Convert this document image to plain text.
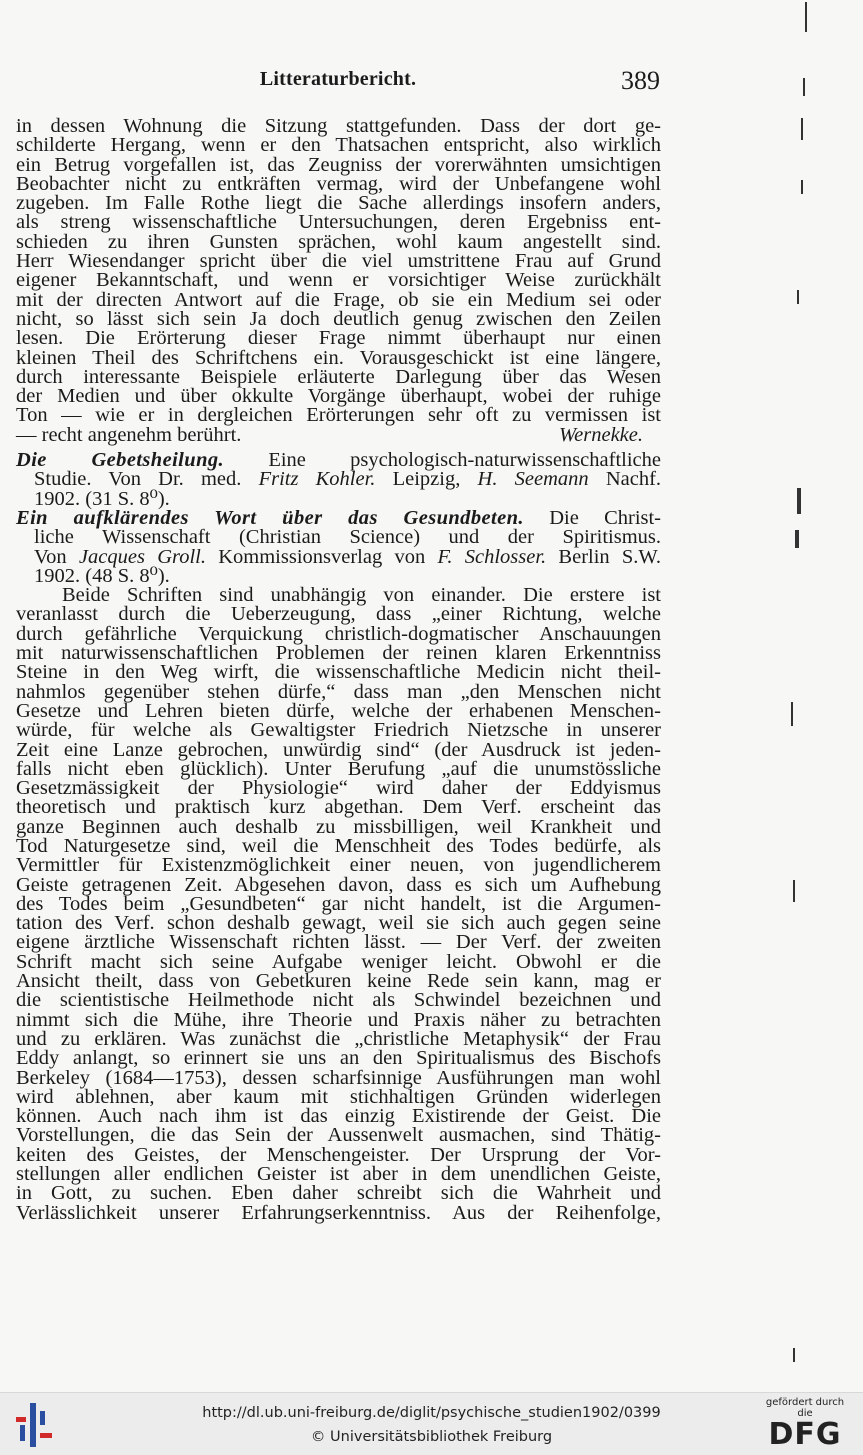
Litteraturbericht.	389
in dessen Wohnung die Sitzung stattgefunden. Dass der dort ge-
schilderte Hergang, wenn er den Thatsachen entspricht, also wirklich
ein Betrug vorgefallen ist, das Zeugniss der vorerwähnten umsichtigen
Beobachter nicht zu entkräften vermag, wird der Unbefangene wohl
zugeben. Im Falle Rothe liegt die Sache allerdings insofern anders,
als streng wissenschaftliche Untersuchungen, deren Ergebniss ent-
schieden zu ihren Gunsten sprächen, wohl kaum angestellt sind.
Herr Wiesendanger spricht über die viel umstrittene Frau auf Grund
eigener Bekanntschaft, und wenn er vorsichtiger Weise zurückhält
mit der directen Antwort auf die Frage, ob sie ein Medium sei oder
nicht, so lässt sich sein Ja doch deutlich genug zwischen den Zeilen
lesen. Die Erörterung dieser Frage nimmt überhaupt nur einen
kleinen Theil des Schriftchens ein. Vorausgeschickt ist eine längere,
durch interessante Beispiele erläuterte Darlegung über das Wesen
der Medien und über okkulte Vorgänge überhaupt, wobei der ruhige
Ton — wie er in dergleichen Erörterungen sehr oft zu vermissen ist
— recht angenehm berührt.	Wernekke.
Die Gebetsheilung. Eine psychologisch-naturwissenschaftliche
Studie. Von Dr. med. Fritz Kohler. Leipzig, H. Seemann Nachf.
1902. (31 S. 8⁰).
Ein aufklärendes Wort über das Gesundbeten. Die Christ-
liche Wissenschaft (Christian Science) und der Spiritismus.
Von Jacques Groll. Kommissionsverlag von F. Schlosser. Berlin S.W.
1902. (48 S. 8⁰).
Beide Schriften sind unabhängig von einander. Die erstere ist
veranlasst durch die Ueberzeugung, dass „einer Richtung, welche
durch gefährliche Verquickung christlich-dogmatischer Anschauungen
mit naturwissenschaftlichen Problemen der reinen klaren Erkenntniss
Steine in den Weg wirft, die wissenschaftliche Medicin nicht theil-
nahmlos gegenüber stehen dürfe,“ dass man „den Menschen nicht
Gesetze und Lehren bieten dürfe, welche der erhabenen Menschen-
würde, für welche als Gewaltigster Friedrich Nietzsche in unserer
Zeit eine Lanze gebrochen, unwürdig sind“ (der Ausdruck ist jeden-
falls nicht eben glücklich). Unter Berufung „auf die unumstössliche
Gesetzmässigkeit der Physiologie“ wird daher der Eddyismus
theoretisch und praktisch kurz abgethan. Dem Verf. erscheint das
ganze Beginnen auch deshalb zu missbilligen, weil Krankheit und
Tod Naturgesetze sind, weil die Menschheit des Todes bedürfe, als
Vermittler für Existenzmöglichkeit einer neuen, von jugendlicherem
Geiste getragenen Zeit. Abgesehen davon, dass es sich um Aufhebung
des Todes beim „Gesundbeten“ gar nicht handelt, ist die Argumen-
tation des Verf. schon deshalb gewagt, weil sie sich auch gegen seine
eigene ärztliche Wissenschaft richten lässt. — Der Verf. der zweiten
Schrift macht sich seine Aufgabe weniger leicht. Obwohl er die
Ansicht theilt, dass von Gebetkuren keine Rede sein kann, mag er
die scientistische Heilmethode nicht als Schwindel bezeichnen und
nimmt sich die Mühe, ihre Theorie und Praxis näher zu betrachten
und zu erklären. Was zunächst die „christliche Metaphysik“ der Frau
Eddy anlangt, so erinnert sie uns an den Spiritualismus des Bischofs
Berkeley (1684—1753), dessen scharfsinnige Ausführungen man wohl
wird ablehnen, aber kaum mit stichhaltigen Gründen widerlegen
können. Auch nach ihm ist das einzig Existirende der Geist. Die
Vorstellungen, die das Sein der Aussenwelt ausmachen, sind Thätig-
keiten des Geistes, der Menschengeister. Der Ursprung der Vor-
stellungen aller endlichen Geister ist aber in dem unendlichen Geiste,
in Gott, zu suchen. Eben daher schreibt sich die Wahrheit und
Verlässlichkeit unserer Erfahrungserkenntniss. Aus der Reihenfolge,
http://dl.ub.uni-freiburg.de/diglit/psychische_studien1902/0399
© Universitätsbibliothek Freiburg
gefördert durch die
DFG
